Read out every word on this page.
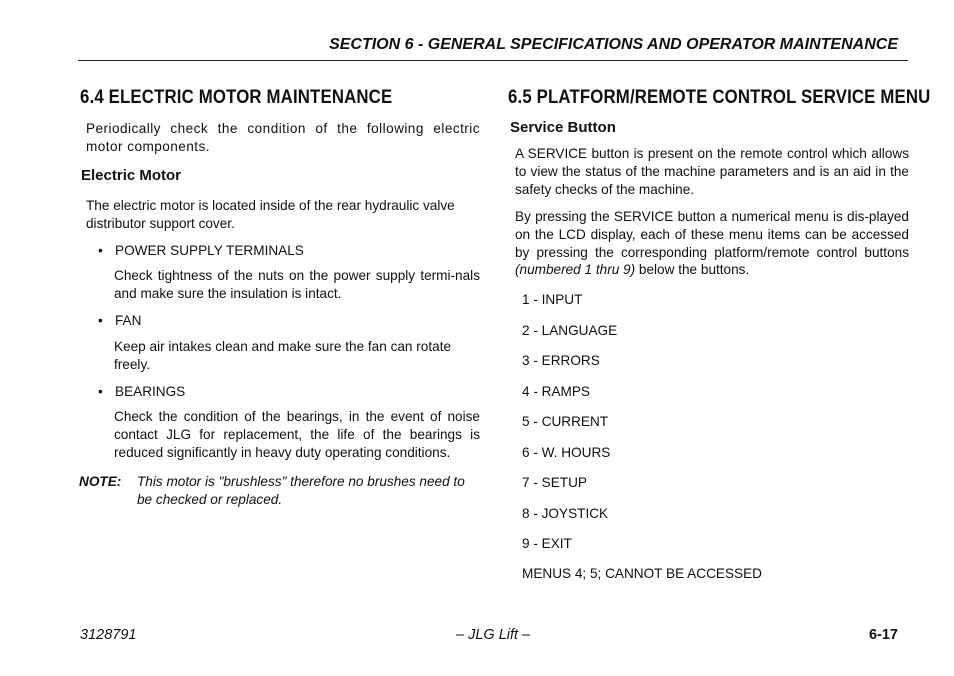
SECTION 6 - GENERAL SPECIFICATIONS AND OPERATOR MAINTENANCE
6.4 ELECTRIC MOTOR MAINTENANCE
Periodically check the condition of the following electric motor components.
Electric Motor
The electric motor is located inside of the rear hydraulic valve distributor support cover.
• POWER SUPPLY TERMINALS
Check tightness of the nuts on the power supply termi-nals and make sure the insulation is intact.
• FAN
Keep air intakes clean and make sure the fan can rotate freely.
• BEARINGS
Check the condition of the bearings, in the event of noise contact JLG for replacement, the life of the bearings is reduced significantly in heavy duty operating conditions.
NOTE: This motor is "brushless" therefore no brushes need to be checked or replaced.
6.5 PLATFORM/REMOTE CONTROL SERVICE MENU
Service Button
A SERVICE button is present on the remote control which allows to view the status of the machine parameters and is an aid in the safety checks of the machine.
By pressing the SERVICE button a numerical menu is dis-played on the LCD display, each of these menu items can be accessed by pressing the corresponding platform/remote control buttons (numbered 1 thru 9) below the buttons.
1 - INPUT
2 - LANGUAGE
3 - ERRORS
4 - RAMPS
5 - CURRENT
6 - W. HOURS
7 - SETUP
8 - JOYSTICK
9 - EXIT
MENUS 4; 5; CANNOT BE ACCESSED
3128791	– JLG Lift –	6-17
